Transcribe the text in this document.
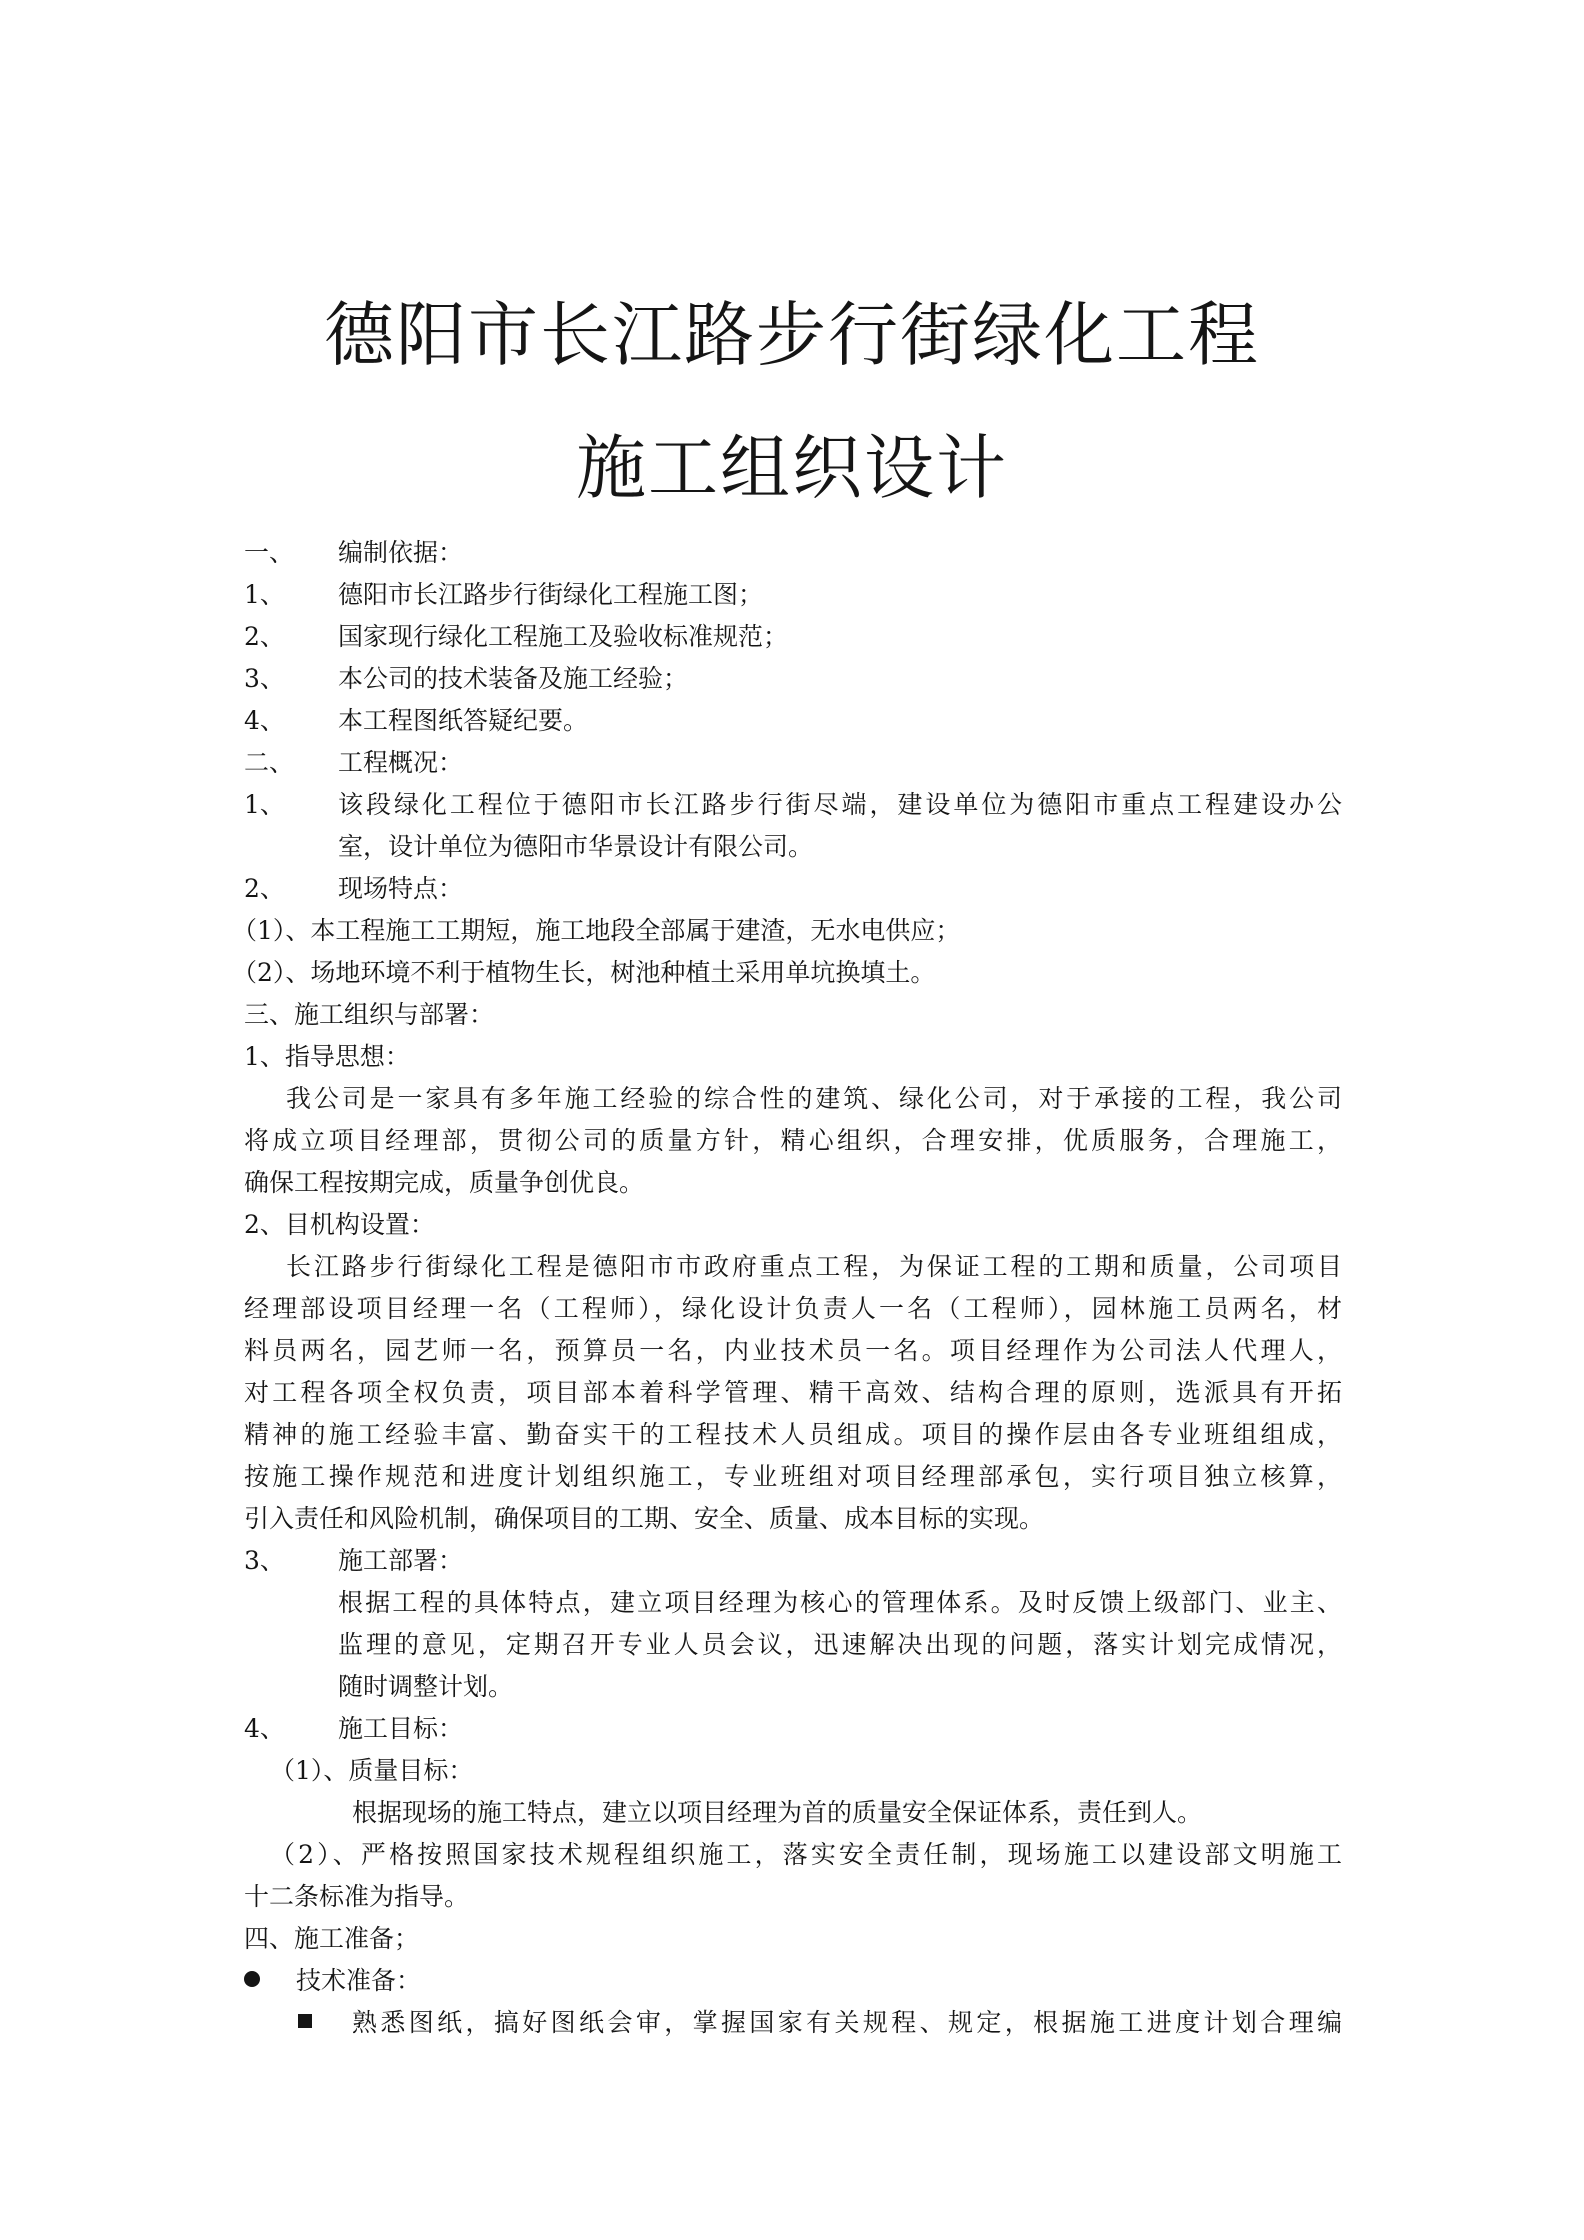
德阳市长江路步行街绿化工程
施工组织设计
一、 编制依据：
1、 德阳市长江路步行街绿化工程施工图；
2、 国家现行绿化工程施工及验收标准规范；
3、 本公司的技术装备及施工经验；
4、 本工程图纸答疑纪要。
二、 工程概况：
1、 该段绿化工程位于德阳市长江路步行街尽端，建设单位为德阳市重点工程建设办公
室，设计单位为德阳市华景设计有限公司。
2、 现场特点：
（1）、本工程施工工期短，施工地段全部属于建渣，无水电供应；
（2）、场地环境不利于植物生长，树池种植土采用单坑换填土。
三、施工组织与部署：
1、指导思想：
我公司是一家具有多年施工经验的综合性的建筑、绿化公司，对于承接的工程，我公司
将成立项目经理部，贯彻公司的质量方针，精心组织，合理安排，优质服务，合理施工，
确保工程按期完成，质量争创优良。
2、目机构设置：
长江路步行街绿化工程是德阳市市政府重点工程，为保证工程的工期和质量，公司项目
经理部设项目经理一名（工程师），绿化设计负责人一名（工程师），园林施工员两名，材
料员两名，园艺师一名，预算员一名，内业技术员一名。项目经理作为公司法人代理人，
对工程各项全权负责，项目部本着科学管理、精干高效、结构合理的原则，选派具有开拓
精神的施工经验丰富、勤奋实干的工程技术人员组成。项目的操作层由各专业班组组成，
按施工操作规范和进度计划组织施工，专业班组对项目经理部承包，实行项目独立核算，
引入责任和风险机制，确保项目的工期、安全、质量、成本目标的实现。
3、 施工部署：
根据工程的具体特点，建立项目经理为核心的管理体系。及时反馈上级部门、业主、
监理的意见，定期召开专业人员会议，迅速解决出现的问题，落实计划完成情况，
随时调整计划。
4、 施工目标：
（1）、质量目标：
根据现场的施工特点，建立以项目经理为首的质量安全保证体系，责任到人。
（2）、严格按照国家技术规程组织施工，落实安全责任制，现场施工以建设部文明施工
十二条标准为指导。
四、施工准备；
技术准备：
熟悉图纸，搞好图纸会审，掌握国家有关规程、规定，根据施工进度计划合理编
